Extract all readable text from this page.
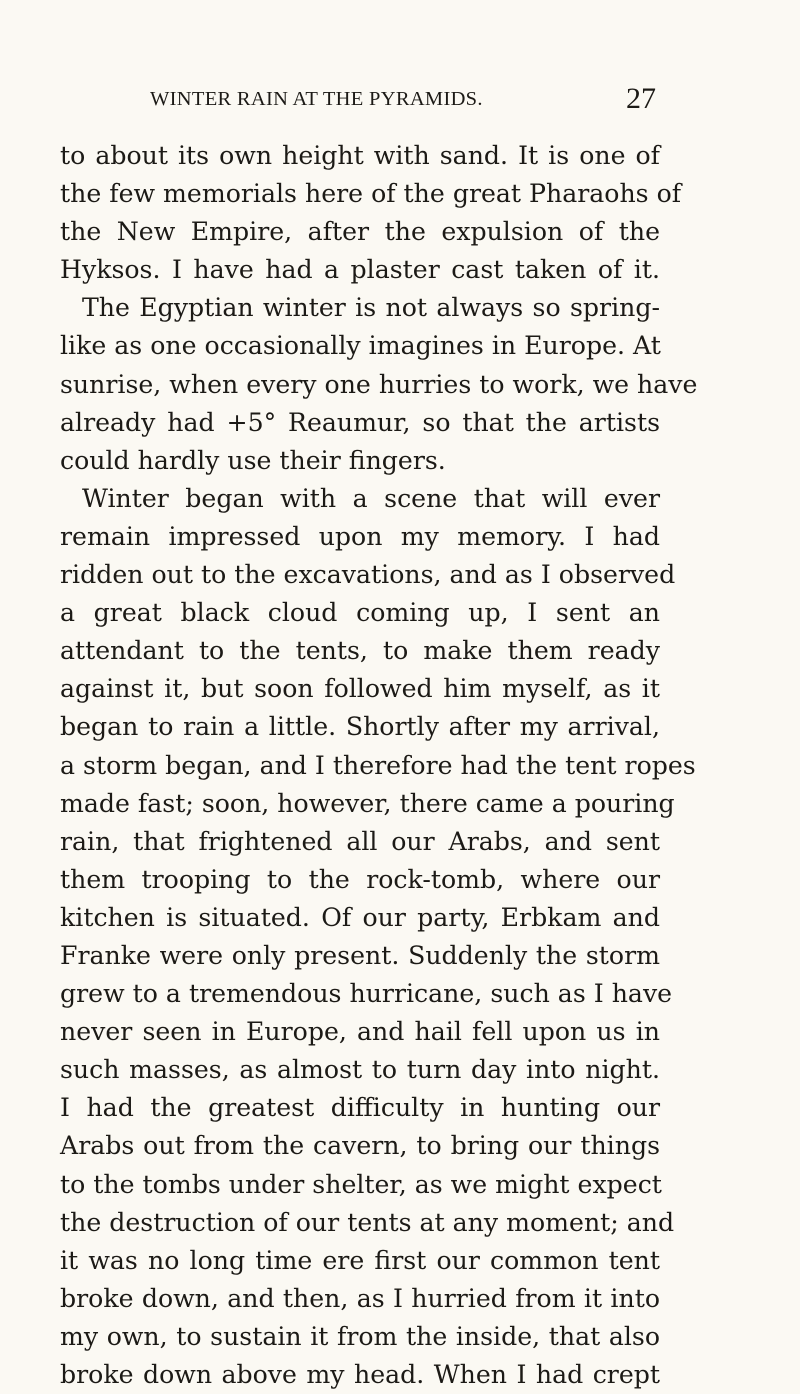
WINTER RAIN AT THE PYRAMIDS.	27
to about its own height with sand. It is one of
the few memorials here of the great Pharaohs of
the New Empire, after the expulsion of the
Hyksos. I have had a plaster cast taken of it.
The Egyptian winter is not always so spring-
like as one occasionally imagines in Europe. At
sunrise, when every one hurries to work, we have
already had +5° Reaumur, so that the artists
could hardly use their fingers.
Winter began with a scene that will ever
remain impressed upon my memory. I had
ridden out to the excavations, and as I observed
a great black cloud coming up, I sent an
attendant to the tents, to make them ready
against it, but soon followed him myself, as it
began to rain a little. Shortly after my arrival,
a storm began, and I therefore had the tent ropes
made fast; soon, however, there came a pouring
rain, that frightened all our Arabs, and sent
them trooping to the rock-tomb, where our
kitchen is situated. Of our party, Erbkam and
Franke were only present. Suddenly the storm
grew to a tremendous hurricane, such as I have
never seen in Europe, and hail fell upon us in
such masses, as almost to turn day into night.
I had the greatest difficulty in hunting our
Arabs out from the cavern, to bring our things
to the tombs under shelter, as we might expect
the destruction of our tents at any moment; and
it was no long time ere first our common tent
broke down, and then, as I hurried from it into
my own, to sustain it from the inside, that also
broke down above my head. When I had crept
